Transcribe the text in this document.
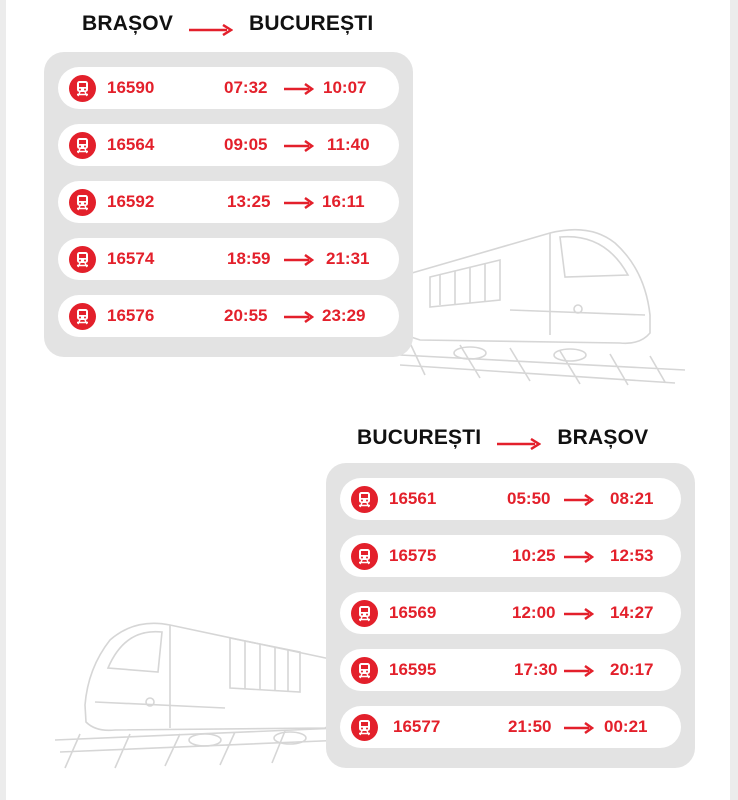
BRAȘOV	BUCUREȘTI
16590	07:32	10:07
16564	09:05	11:40
16592	13:25	16:11
16574	18:59	21:31
16576	20:55	23:29
BUCUREȘTI	BRAȘOV
16561	05:50	08:21
16575	10:25	12:53
16569	12:00	14:27
16595	17:30	20:17
16577	21:50	00:21
